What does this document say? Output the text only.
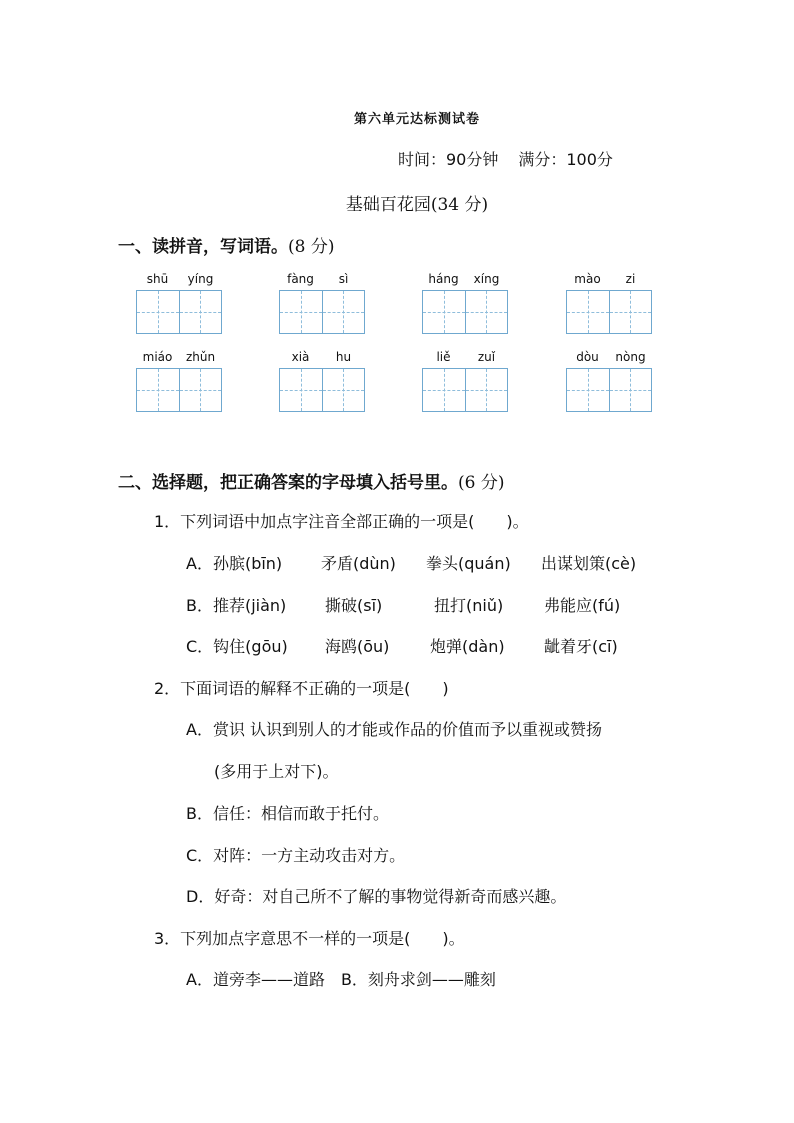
第六单元达标测试卷
时间：90分钟 满分：100分
基础百花园(34 分)
一、读拼音，写词语。(8 分)
shū	yíng	fàng	sì	háng	xíng	mào	zi
miáo	zhǔn	xià	hu	liě	zuǐ	dòu	nòng
二、选择题，把正确答案的字母填入括号里。(6 分)
1．下列词语中加点字注音全部正确的一项是(　　)。
A．孙膑(bīn) 矛盾(dùn) 拳头(quán) 出谋划策(cè)
B．推荐(jiàn) 撕破(sī)	扭打(niǔ)	弗能应(fú)
C．钩住(gōu) 海鸥(ōu)	炮弹(dàn) 龇着牙(cī)
2．下面词语的解释不正确的一项是(　　)
A．赏识 认识到别人的才能或作品的价值而予以重视或赞扬
(多用于上对下)。
B．信任：相信而敢于托付。
C．对阵：一方主动攻击对方。
D．好奇：对自己所不了解的事物觉得新奇而感兴趣。
3．下列加点字意思不一样的一项是(　　)。
A．道旁李——道路　B．刻舟求剑——雕刻
